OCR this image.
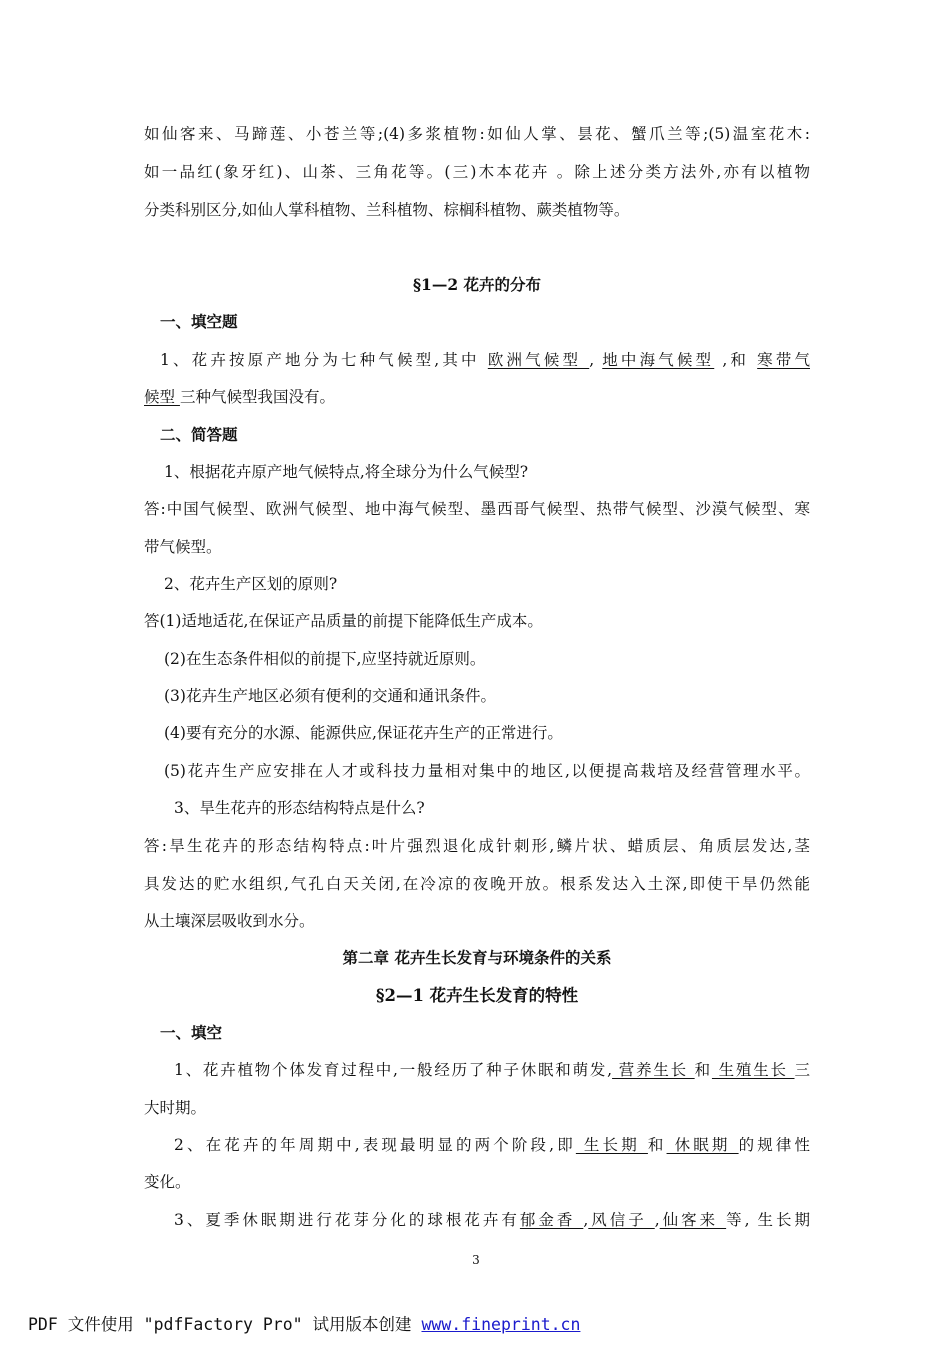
如仙客来、马蹄莲、小苍兰等;(4)多浆植物:如仙人掌、昙花、蟹爪兰等;(5)温室花木:
如一品红(象牙红)、山茶、三角花等。(三)木本花卉 。除上述分类方法外,亦有以植物
分类科别区分,如仙人掌科植物、兰科植物、棕榈科植物、蕨类植物等。
§1—2 花卉的分布
一、填空题
1、花卉按原产地分为七种气候型,其中 欧洲气候型 , 地中海气候型 ,和 寒带气
候型 三种气候型我国没有。
二、简答题
1、根据花卉原产地气候特点,将全球分为什么气候型?
答:中国气候型、欧洲气候型、地中海气候型、墨西哥气候型、热带气候型、沙漠气候型、寒
带气候型。
2、花卉生产区划的原则?
答(1)适地适花,在保证产品质量的前提下能降低生产成本。
(2)在生态条件相似的前提下,应坚持就近原则。
(3)花卉生产地区必须有便利的交通和通讯条件。
(4)要有充分的水源、能源供应,保证花卉生产的正常进行。
(5)花卉生产应安排在人才或科技力量相对集中的地区,以便提高栽培及经营管理水平。
3、旱生花卉的形态结构特点是什么?
答:旱生花卉的形态结构特点:叶片强烈退化成针刺形,鳞片状、蜡质层、角质层发达,茎
具发达的贮水组织,气孔白天关闭,在冷凉的夜晚开放。根系发达入土深,即使干旱仍然能
从土壤深层吸收到水分。
第二章 花卉生长发育与环境条件的关系
§2—1 花卉生长发育的特性
一、填空
1、花卉植物个体发育过程中,一般经历了种子休眠和萌发, 营养生长 和 生殖生长 三
大时期。
2、在花卉的年周期中,表现最明显的两个阶段,即 生长期 和 休眠期 的规律性
变化。
3、夏季休眠期进行花芽分化的球根花卉有郁金香 ,风信子 ,仙客来 等, 生长期
3
PDF 文件使用 "pdfFactory Pro" 试用版本创建 www.fineprint.cn
